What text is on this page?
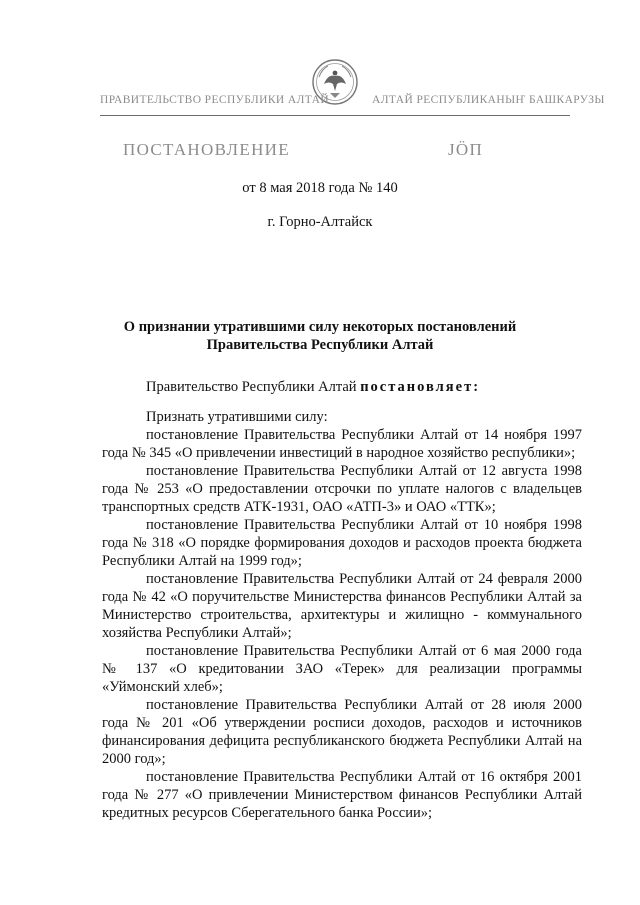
ПРАВИТЕЛЬСТВО РЕСПУБЛИКИ АЛТАЙ	АЛТАЙ РЕСПУБЛИКАНЫҤ БАШКАРУЗЫ
ПОСТАНОВЛЕНИЕ	ЈӦП
от 8 мая 2018 года № 140
г. Горно-Алтайск
О признании утратившими силу некоторых постановлений
Правительства Республики Алтай

Правительство Республики Алтай постановляет:

Признать утратившими силу:

постановление Правительства Республики Алтай от 14 ноября 1997 года № 345 «О привлечении инвестиций в народное хозяйство республики»;

постановление Правительства Республики Алтай от 12 августа 1998 года № 253 «О предоставлении отсрочки по уплате налогов с владельцев транспортных средств АТК-1931, ОАО «АТП-3» и ОАО «ТТК»;

постановление Правительства Республики Алтай от 10 ноября 1998 года № 318 «О порядке формирования доходов и расходов проекта бюджета Республики Алтай на 1999 год»;

постановление Правительства Республики Алтай от 24 февраля 2000 года № 42 «О поручительстве Министерства финансов Республики Алтай за Министерство строительства, архитектуры и жилищно - коммунального хозяйства Республики Алтай»;

постановление Правительства Республики Алтай от 6 мая 2000 года № 137 «О кредитовании ЗАО «Терек» для реализации программы «Уймонский хлеб»;

постановление Правительства Республики Алтай от 28 июля 2000 года № 201 «Об утверждении росписи доходов, расходов и источников финансирования дефицита республиканского бюджета Республики Алтай на 2000 год»;

постановление Правительства Республики Алтай от 16 октября 2001 года № 277 «О привлечении Министерством финансов Республики Алтай кредитных ресурсов Сберегательного банка России»;
